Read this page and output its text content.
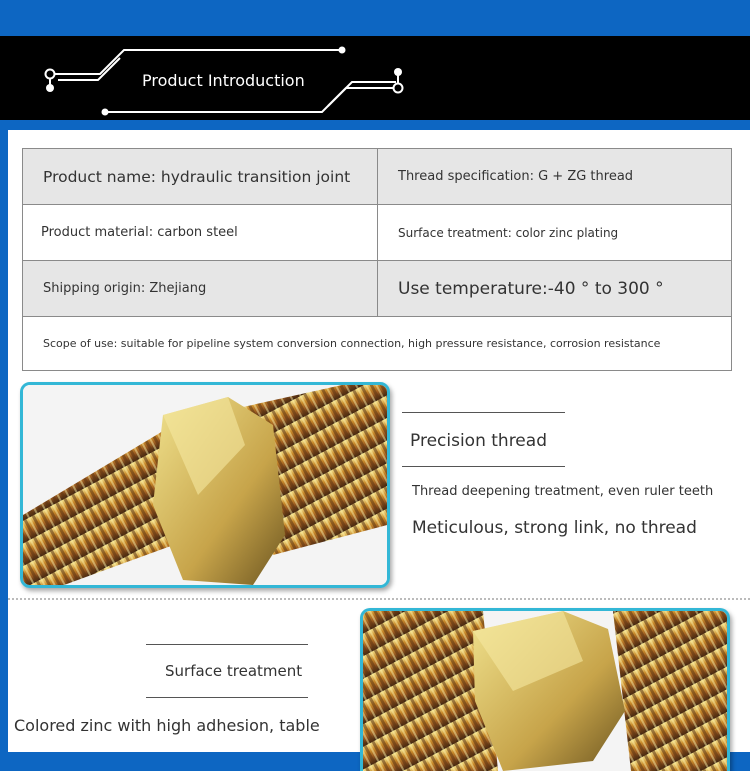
Product Introduction
Product name: hydraulic transition joint	Thread specification: G + ZG thread
Product material: carbon steel	Surface treatment: color zinc plating
Shipping origin: Zhejiang	Use temperature:-40 ° to 300 °
Scope of use: suitable for pipeline system conversion connection, high pressure resistance, corrosion resistance	
Precision thread
Thread deepening treatment, even ruler teeth
Meticulous, strong link, no thread
Surface treatment
Colored zinc with high adhesion, table
